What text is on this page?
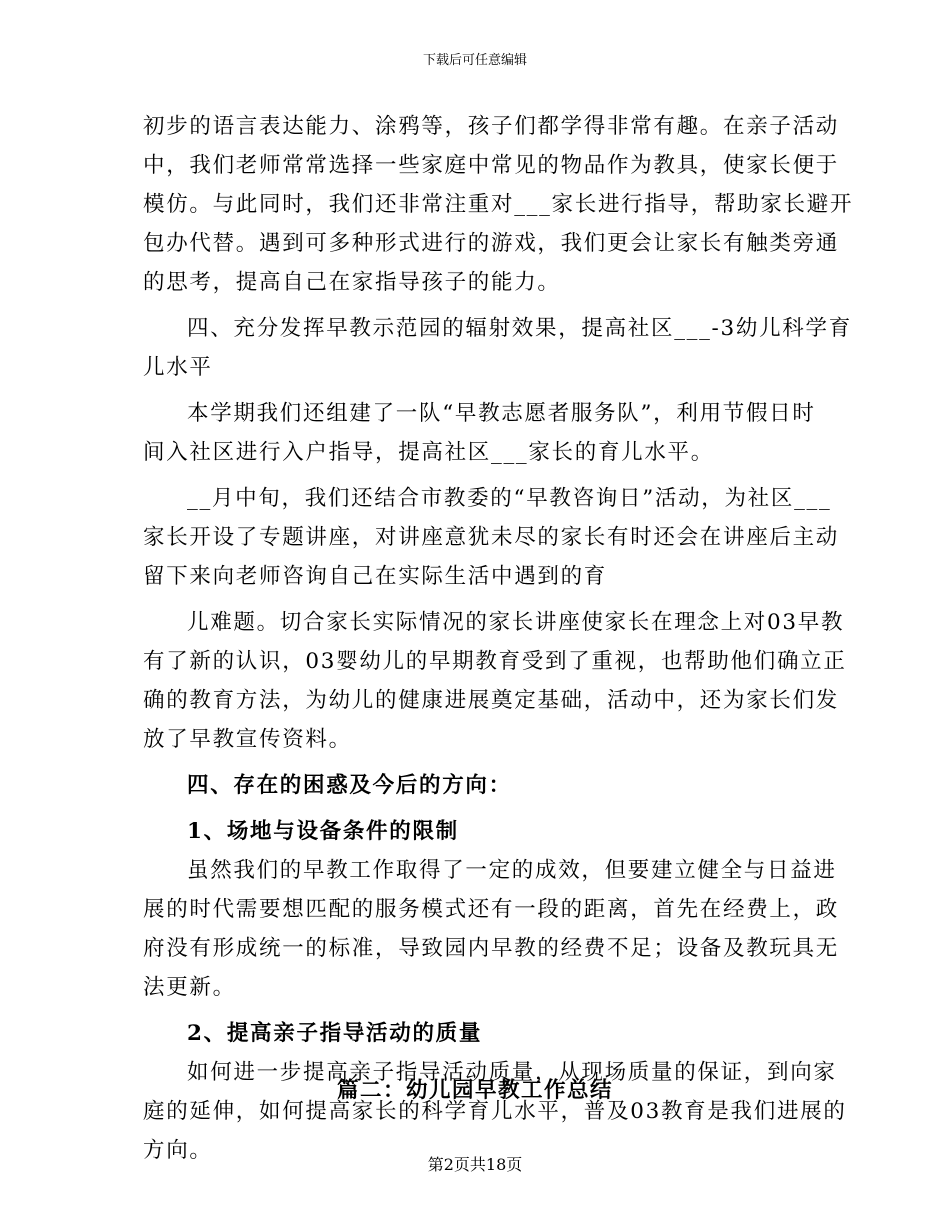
下载后可任意编辑
初步的语言表达能力、涂鸦等，孩子们都学得非常有趣。在亲子活动
中，我们老师常常选择一些家庭中常见的物品作为教具，使家长便于
模仿。与此同时，我们还非常注重对___家长进行指导，帮助家长避开
包办代替。遇到可多种形式进行的游戏，我们更会让家长有触类旁通
的思考，提高自己在家指导孩子的能力。
四、充分发挥早教示范园的辐射效果，提高社区___-3幼儿科学育
儿水平
本学期我们还组建了一队“早教志愿者服务队”，利用节假日时
间入社区进行入户指导，提高社区___家长的育儿水平。
__月中旬，我们还结合市教委的“早教咨询日”活动，为社区___
家长开设了专题讲座，对讲座意犹未尽的家长有时还会在讲座后主动
留下来向老师咨询自己在实际生活中遇到的育
儿难题。切合家长实际情况的家长讲座使家长在理念上对03早教
有了新的认识，03婴幼儿的早期教育受到了重视，也帮助他们确立正
确的教育方法，为幼儿的健康进展奠定基础，活动中，还为家长们发
放了早教宣传资料。
四、存在的困惑及今后的方向：
1、场地与设备条件的限制
虽然我们的早教工作取得了一定的成效，但要建立健全与日益进
展的时代需要想匹配的服务模式还有一段的距离，首先在经费上，政
府没有形成统一的标准，导致园内早教的经费不足；设备及教玩具无
法更新。
2、提高亲子指导活动的质量
如何进一步提高亲子指导活动质量，从现场质量的保证，到向家
庭的延伸，如何提高家长的科学育儿水平，普及03教育是我们进展的
方向。
篇二：幼儿园早教工作总结
第2页共18页
